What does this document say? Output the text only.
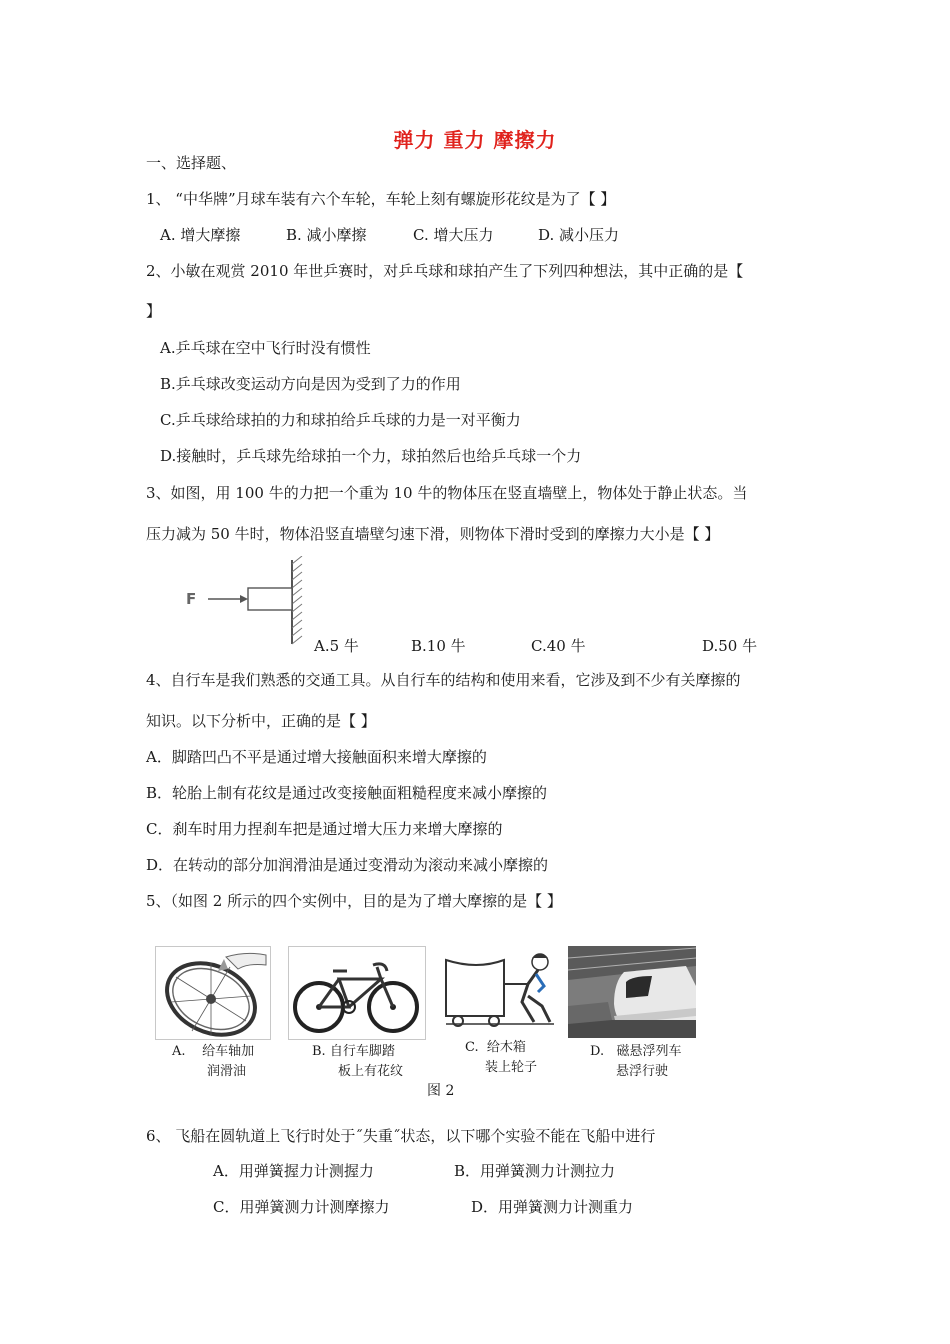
弹力 重力 摩擦力
一、选择题、
1、 “中华牌”月球车装有六个车轮，车轮上刻有螺旋形花纹是为了【 】
A. 增大摩擦	B. 减小摩擦	C. 增大压力	D. 减小压力
2、小敏在观赏 2010 年世乒赛时，对乒乓球和球拍产生了下列四种想法，其中正确的是【
】
A.乒乓球在空中飞行时没有惯性
B.乒乓球改变运动方向是因为受到了力的作用
C.乒乓球给球拍的力和球拍给乒乓球的力是一对平衡力
D.接触时，乒乓球先给球拍一个力，球拍然后也给乒乓球一个力
3、如图，用 100 牛的力把一个重为 10 牛的物体压在竖直墙壁上，物体处于静止状态。当
压力减为 50 牛时，物体沿竖直墙壁匀速下滑，则物体下滑时受到的摩擦力大小是【 】
F
A.5 牛	B.10 牛	C.40 牛	D.50 牛
4、自行车是我们熟悉的交通工具。从自行车的结构和使用来看，它涉及到不少有关摩擦的
知识。以下分析中，正确的是【 】
A．脚踏凹凸不平是通过增大接触面积来增大摩擦的
B．轮胎上制有花纹是通过改变接触面粗糙程度来减小摩擦的
C．刹车时用力捏刹车把是通过增大压力来增大摩擦的
D．在转动的部分加润滑油是通过变滑动为滚动来减小摩擦的
5、（如图 2 所示的四个实例中，目的是为了增大摩擦的是【 】
A. 给车轴加
润滑油
B. 自行车脚踏
板上有花纹
C. 给木箱
装上轮子
D. 磁悬浮列车
悬浮行驶
图 2
6、 飞船在圆轨道上飞行时处于˝失重˝状态，以下哪个实验不能在飞船中进行
A．用弹簧握力计测握力	B．用弹簧测力计测拉力
C．用弹簧测力计测摩擦力	D．用弹簧测力计测重力
